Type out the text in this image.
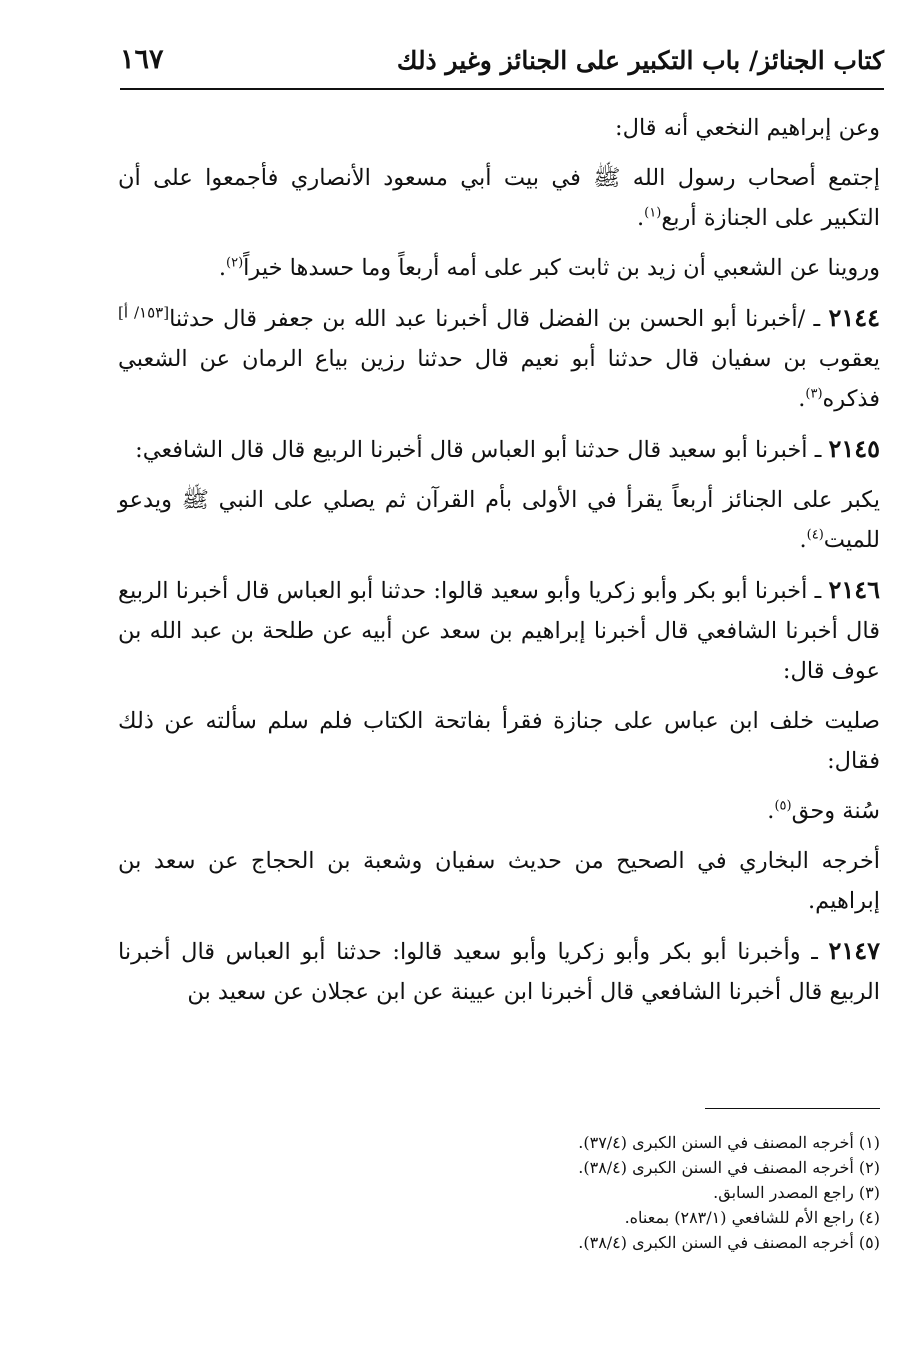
كتاب الجنائز/ باب التكبير على الجنائز وغير ذلك
١٦٧

وعن إبراهيم النخعي أنه قال:

إجتمع أصحاب رسول الله ﷺ في بيت أبي مسعود الأنصاري فأجمعوا على أن التكبير على الجنازة أربع$^{(١)}$.

وروينا عن الشعبي أن زيد بن ثابت كبر على أمه أربعاً وما حسدها خيراً$^{(٢)}$.

٢١٤٤ ـ /أخبرنا أبو الحسن بن الفضل قال أخبرنا عبد الله بن جعفر قال حدثنا[١٥٣/ أ] يعقوب بن سفيان قال حدثنا أبو نعيم قال حدثنا رزين بياع الرمان عن الشعبي فذكره$^{(٣)}$.

٢١٤٥ ـ أخبرنا أبو سعيد قال حدثنا أبو العباس قال أخبرنا الربيع قال قال الشافعي:

يكبر على الجنائز أربعاً يقرأ في الأولى بأم القرآن ثم يصلي على النبي ﷺ ويدعو للميت$^{(٤)}$.

٢١٤٦ ـ أخبرنا أبو بكر وأبو زكريا وأبو سعيد قالوا: حدثنا أبو العباس قال أخبرنا الربيع قال أخبرنا الشافعي قال أخبرنا إبراهيم بن سعد عن أبيه عن طلحة بن عبد الله بن عوف قال:

صليت خلف ابن عباس على جنازة فقرأ بفاتحة الكتاب فلم سلم سألته عن ذلك فقال:

سُنة وحق$^{(٥)}$.

أخرجه البخاري في الصحيح من حديث سفيان وشعبة بن الحجاج عن سعد بن إبراهيم.

٢١٤٧ ـ وأخبرنا أبو بكر وأبو زكريا وأبو سعيد قالوا: حدثنا أبو العباس قال أخبرنا الربيع قال أخبرنا الشافعي قال أخبرنا ابن عيينة عن ابن عجلان عن سعيد بن

(١) أخرجه المصنف في السنن الكبرى (٣٧/٤).
(٢) أخرجه المصنف في السنن الكبرى (٣٨/٤).
(٣) راجع المصدر السابق.
(٤) راجع الأم للشافعي (٢٨٣/١) بمعناه.
(٥) أخرجه المصنف في السنن الكبرى (٣٨/٤).
